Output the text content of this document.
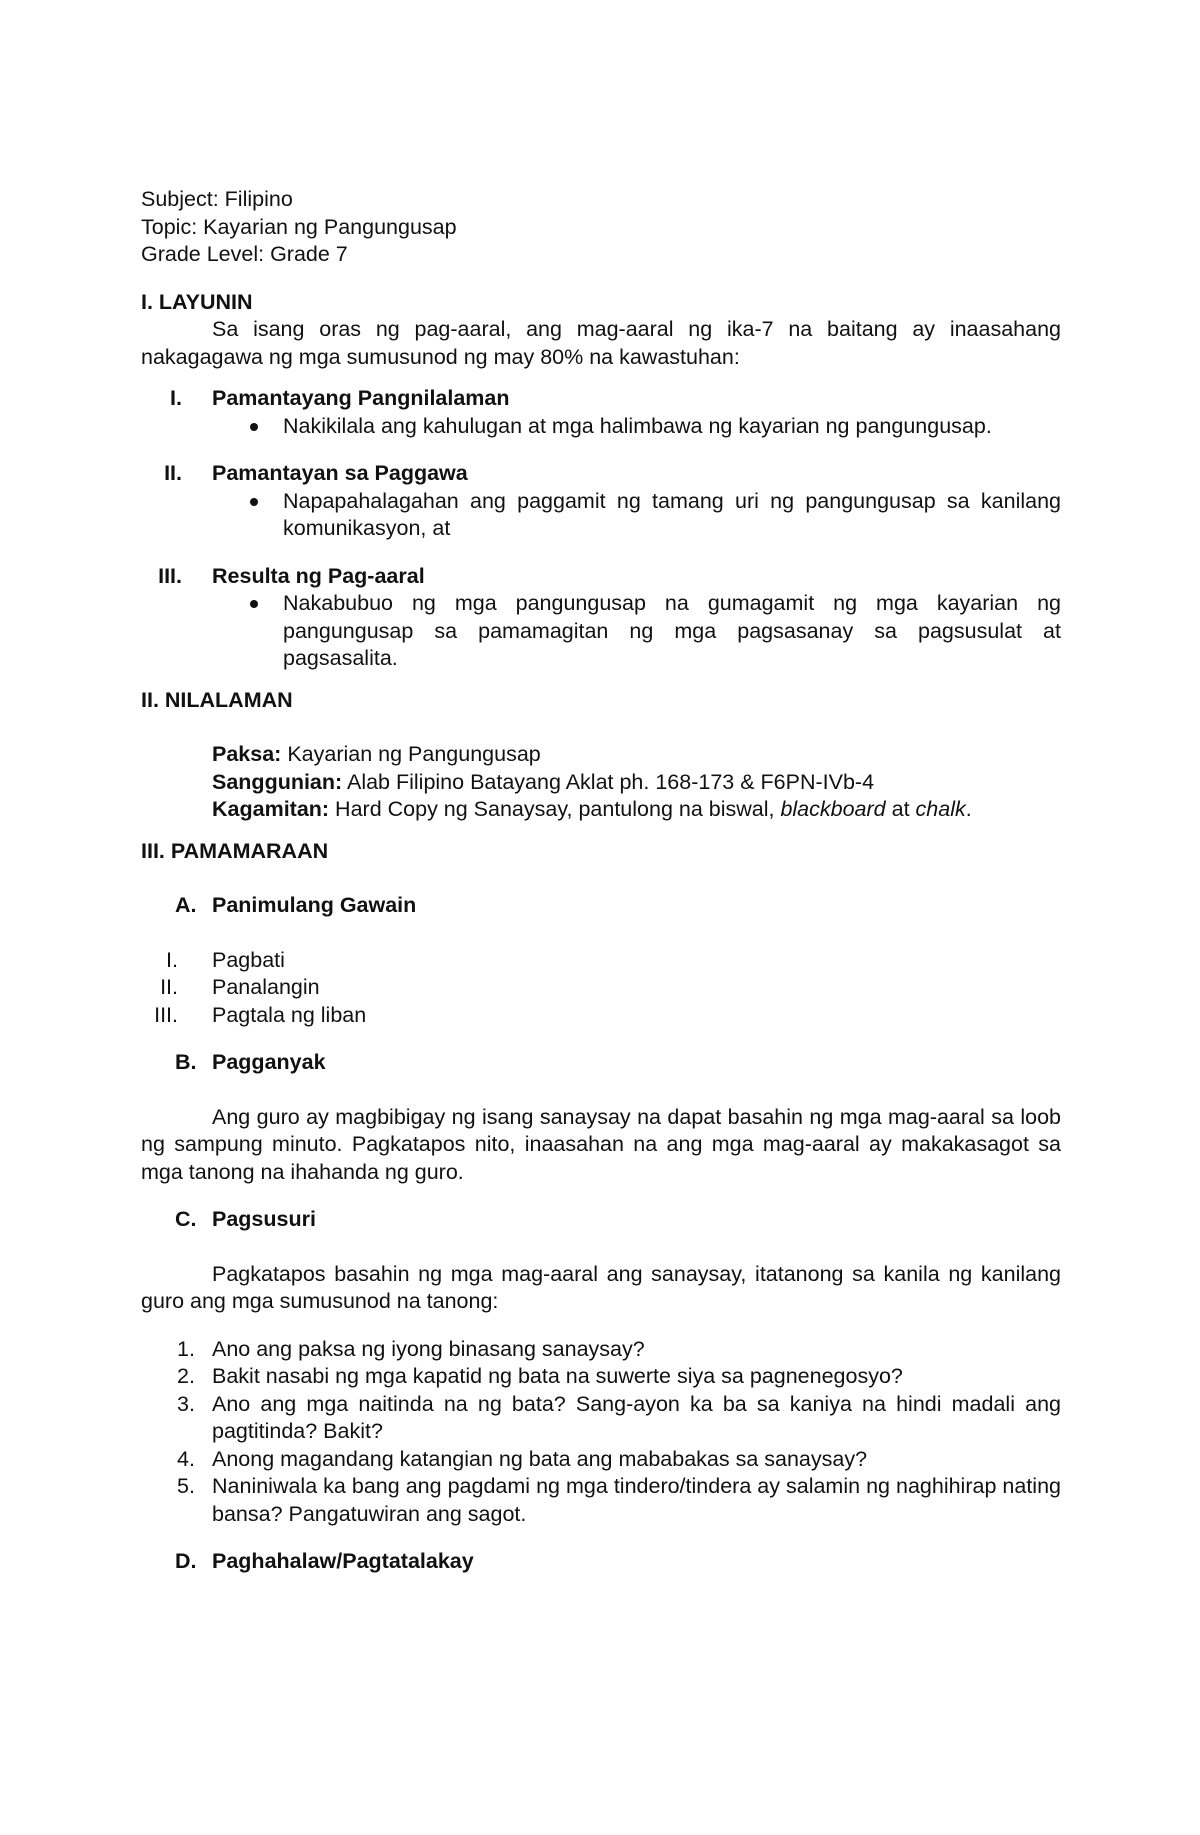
Subject: Filipino
Topic: Kayarian ng Pangungusap
Grade Level: Grade 7
I. LAYUNIN
Sa isang oras ng pag-aaral, ang mag-aaral ng ika-7 na baitang ay inaasahang
nakagagawa ng mga sumusunod ng may 80% na kawastuhan:
I.	Pamantayang Pangnilalaman
Nakikilala ang kahulugan at mga halimbawa ng kayarian ng pangungusap.
II.	Pamantayan sa Paggawa
Napapahalagahan ang paggamit ng tamang uri ng pangungusap sa kanilang komunikasyon, at
III.	Resulta ng Pag-aaral
Nakabubuo ng mga pangungusap na gumagamit ng mga kayarian ng pangungusap sa pamamagitan ng mga pagsasanay sa pagsusulat at pagsasalita.
II. NILALAMAN
Paksa: Kayarian ng Pangungusap
Sanggunian: Alab Filipino Batayang Aklat ph. 168-173 & F6PN-IVb-4
Kagamitan: Hard Copy ng Sanaysay, pantulong na biswal, blackboard at chalk.
III. PAMAMARAAN
A. Panimulang Gawain
I.	Pagbati
II.	Panalangin
III.	Pagtala ng liban
B. Pagganyak

Ang guro ay magbibigay ng isang sanaysay na dapat basahin ng mga mag-aaral sa loob ng sampung minuto. Pagkatapos nito, inaasahan na ang mga mag-aaral ay makakasagot sa mga tanong na ihahanda ng guro.

C. Pagsusuri

Pagkatapos basahin ng mga mag-aaral ang sanaysay, itatanong sa kanila ng kanilang guro ang mga sumusunod na tanong:

1. Ano ang paksa ng iyong binasang sanaysay?
2. Bakit nasabi ng mga kapatid ng bata na suwerte siya sa pagnenegosyo?
3. Ano ang mga naitinda na ng bata? Sang-ayon ka ba sa kaniya na hindi madali ang pagtitinda? Bakit?
4. Anong magandang katangian ng bata ang mababakas sa sanaysay?
5. Naniniwala ka bang ang pagdami ng mga tindero/tindera ay salamin ng naghihirap nating bansa? Pangatuwiran ang sagot.
D. Paghahalaw/Pagtatalakay
